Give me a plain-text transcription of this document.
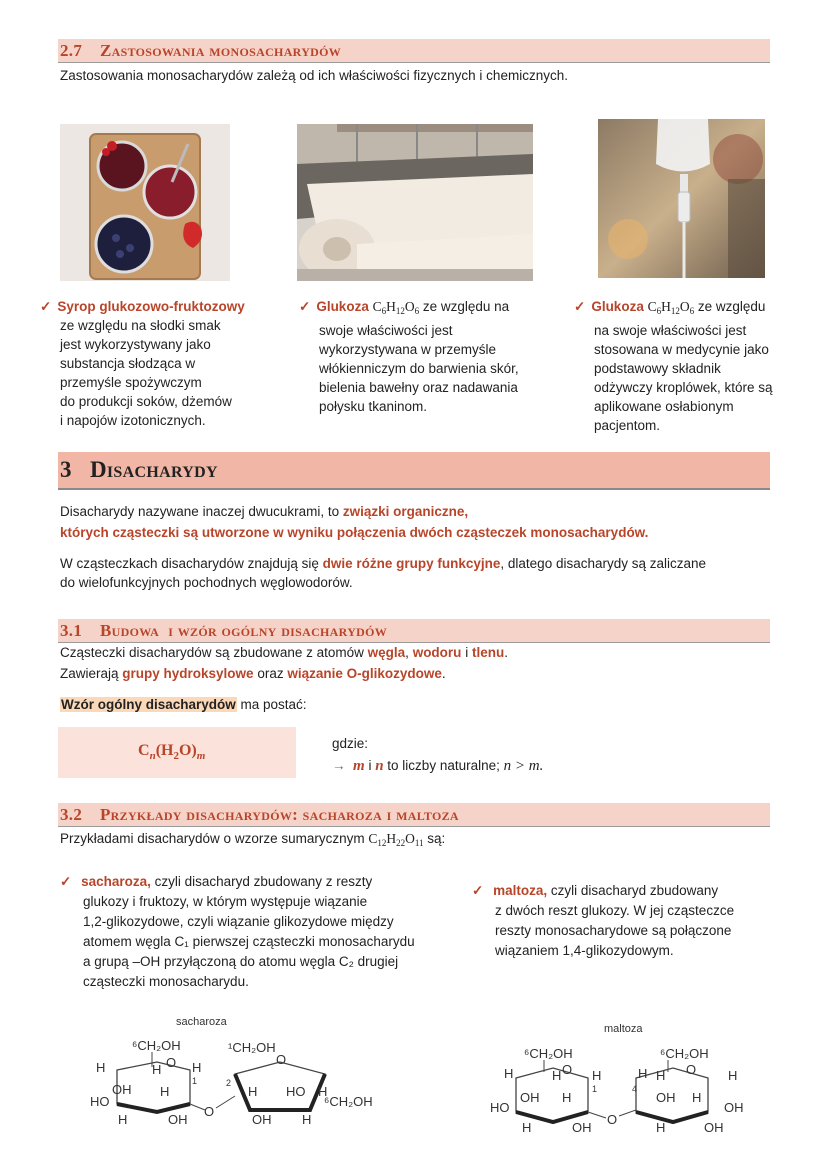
2.7 Zastosowania monosacharydów
Zastosowania monosacharydów zależą od ich właściwości fizycznych i chemicznych.
✓ Syrop glukozowo-fruktozowy
ze względu na słodki smak
jest wykorzystywany jako
substancja słodząca w
przemyśle spożywczym
do produkcji soków, dżemów
i napojów izotonicznych.
✓ Glukoza $C_6H_{12}O_6$ ze względu na
swoje właściwości jest
wykorzystywana w przemyśle
włókienniczym do barwienia skór,
bielenia bawełny oraz nadawania
połysku tkaninom.
✓ Glukoza $C_6H_{12}O_6$ ze względu
na swoje właściwości jest
stosowana w medycynie jako
podstawowy składnik
odżywczy kroplówek, które są
aplikowane osłabionym
pacjentom.
3 Disacharydy
Disacharydy nazywane inaczej dwucukrami, to związki organiczne,
których cząsteczki są utworzone w wyniku połączenia dwóch cząsteczek monosacharydów.
W cząsteczkach disacharydów znajdują się dwie różne grupy funkcyjne, dlatego disacharydy są zaliczane
do wielofunkcyjnych pochodnych węglowodorów.
3.1 Budowa  i wzór ogólny disacharydów
Cząsteczki disacharydów są zbudowane z atomów węgla, wodoru i tlenu.
Zawierają grupy hydroksylowe oraz wiązanie O-glikozydowe.
Wzór ogólny disacharydów ma postać:
$C_n(H_2O)_m$
gdzie:
→ m i n to liczby naturalne; n > m.
3.2 Przykłady disacharydów: sacharoza i maltoza
Przykładami disacharydów o wzorze sumarycznym $C_{12}H_{22}O_{11}$ są:
✓ sacharoza, czyli disacharyd zbudowany z reszty
glukozy i fruktozy, w którym występuje wiązanie
1,2-glikozydowe, czyli wiązanie glikozydowe między
atomem węgla C₁ pierwszej cząsteczki monosacharydu
a grupą –OH przyłączoną do atomu węgla C₂ drugiej
cząsteczki monosacharydu.
✓ maltoza, czyli disacharyd zbudowany
z dwóch reszt glukozy. W jej cząsteczce
reszty monosacharydowe są połączone
wiązaniem 1,4-glikozydowym.
sacharoza
⁶CH₂OH
O
H
OH
HO
H H
H
H	OH
1
O
2
¹CH₂OH
O
H HO H
OH H
⁶CH₂OH
maltoza
⁶CH₂OH
O
H
OH
HO
H H
H
H	OH
1
O
4
⁶CH₂OH
O
H H	H
OH H
OH
H	OH
